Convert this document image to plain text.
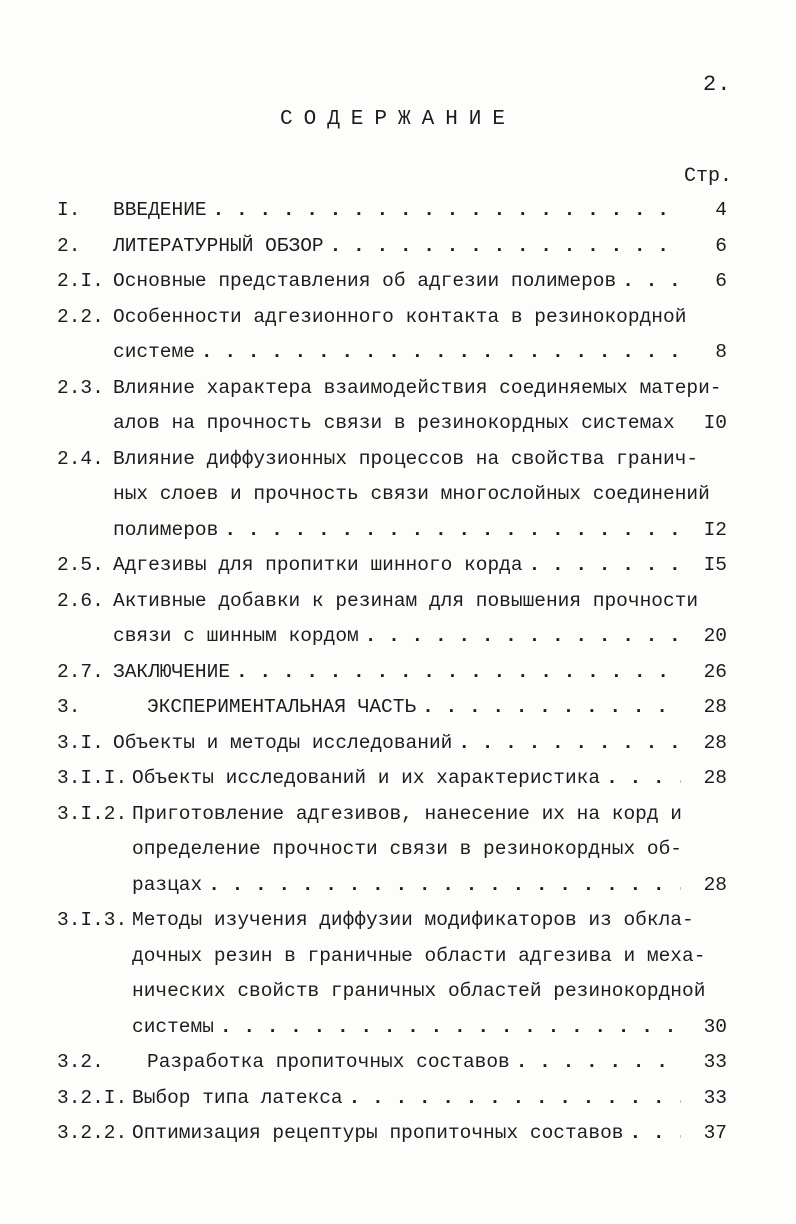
2.
СОДЕРЖАНИЕ
Стр.
I.	ВВЕДЕНИЕ . . .	4
2.	ЛИТЕРАТУРНЫЙ ОБЗОР . . .	6
2.I. Основные представления об адгезии полимеров . . .	6
2.2. Особенности адгезионного контакта в резинокордной
системе . . .	8
2.3. Влияние характера взаимодействия соединяемых матери-
алов на прочность связи в резинокордных системах . . .	I0
2.4. Влияние диффузионных процессов на свойства гранич-
ных слоев и прочность связи многослойных соединений
полимеров . . .	I2
2.5. Адгезивы для пропитки шинного корда . . .	I5
2.6. Активные добавки к резинам для повышения прочности
связи с шинным кордом . . .	20
2.7. ЗАКЛЮЧЕНИЕ . . .	26
3.	ЭКСПЕРИМЕНТАЛЬНАЯ ЧАСТЬ . . .	28
3.I. Объекты и методы исследований . . .	28
3.I.I. Объекты исследований и их характеристика . . .	28
3.I.2. Приготовление адгезивов, нанесение их на корд и
определение прочности связи в резинокордных об-
разцах . . .	28
3.I.3. Методы изучения диффузии модификаторов из обкла-
дочных резин в граничные области адгезива и меха-
нических свойств граничных областей резинокордной
системы . . .	30
3.2.	Разработка пропиточных составов . . .	33
3.2.I. Выбор типа латекса . . .	33
3.2.2. Оптимизация рецептуры пропиточных составов . . .	37
